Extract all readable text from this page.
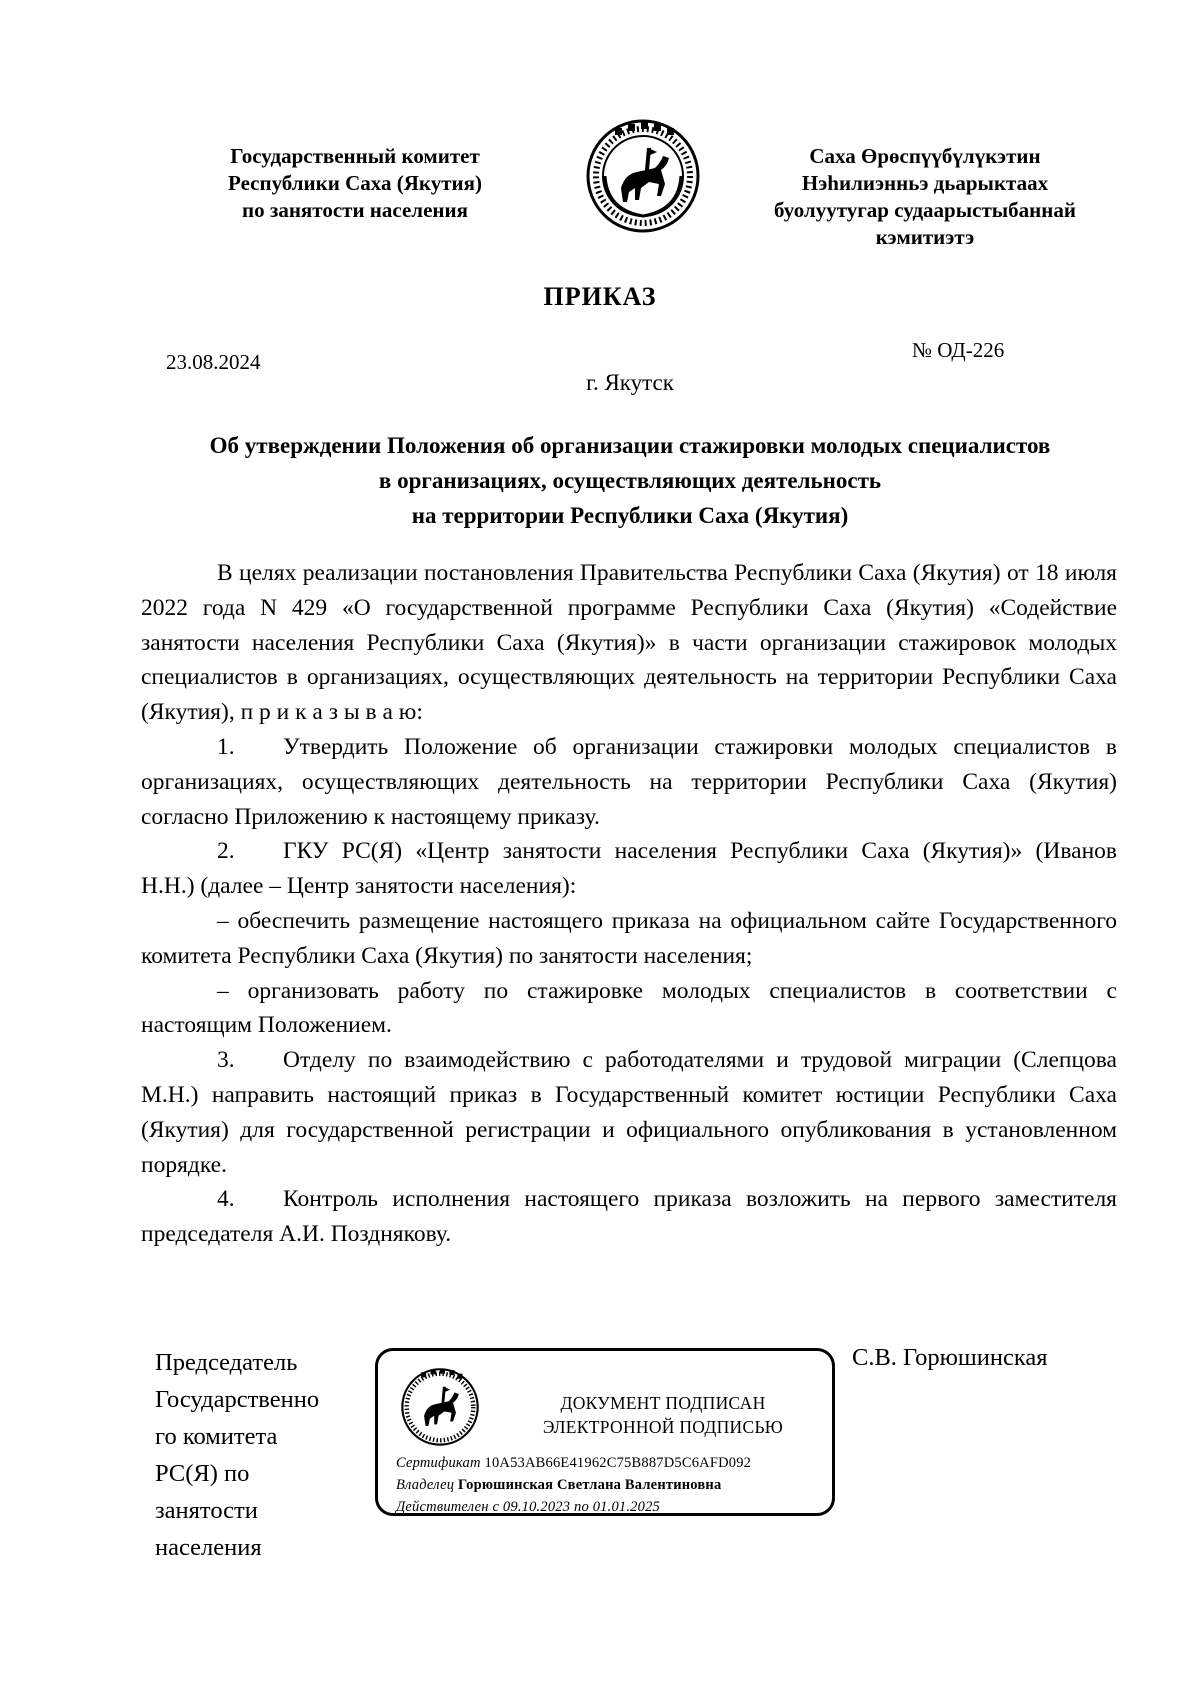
Государственный комитет
Республики Саха (Якутия)
по занятости населения
Саха Өрөспүүбүлүкэтин
Нэһилиэнньэ дьарыктаах
буолуутугар судаарыстыбаннай
кэмитиэтэ
ПРИКАЗ
23.08.2024	№ ОД-226
г. Якутск
Об утверждении Положения об организации стажировки молодых специалистов
в организациях, осуществляющих деятельность
на территории Республики Саха (Якутия)

В целях реализации постановления Правительства Республики Саха (Якутия) от 18 июля 2022 года N 429 «О государственной программе Республики Саха (Якутия) «Содействие занятости населения Республики Саха (Якутия)» в части организации стажировок молодых специалистов в организациях, осуществляющих деятельность на территории Республики Саха (Якутия), п р и к а з ы в а ю:

1. Утвердить Положение об организации стажировки молодых специалистов в организациях, осуществляющих деятельность на территории Республики Саха (Якутия) согласно Приложению к настоящему приказу.

2. ГКУ РС(Я) «Центр занятости населения Республики Саха (Якутия)» (Иванов Н.Н.) (далее – Центр занятости населения):

– обеспечить размещение настоящего приказа на официальном сайте Государственного комитета Республики Саха (Якутия) по занятости населения;

– организовать работу по стажировке молодых специалистов в соответствии с настоящим Положением.

3. Отделу по взаимодействию с работодателями и трудовой миграции (Слепцова М.Н.) направить настоящий приказ в Государственный комитет юстиции Республики Саха (Якутия) для государственной регистрации и официального опубликования в установленном порядке.

4. Контроль исполнения настоящего приказа возложить на первого заместителя председателя А.И. Позднякову.

Председатель
Государственно
го комитета
РС(Я) по
занятости
населения
ДОКУМЕНТ ПОДПИСАН
ЭЛЕКТРОННОЙ ПОДПИСЬЮ
Сертификат 10A53AB66E41962C75B887D5C6AFD092
Владелец Горюшинская Светлана Валентиновна
Действителен с 09.10.2023 по 01.01.2025
С.В. Горюшинская
